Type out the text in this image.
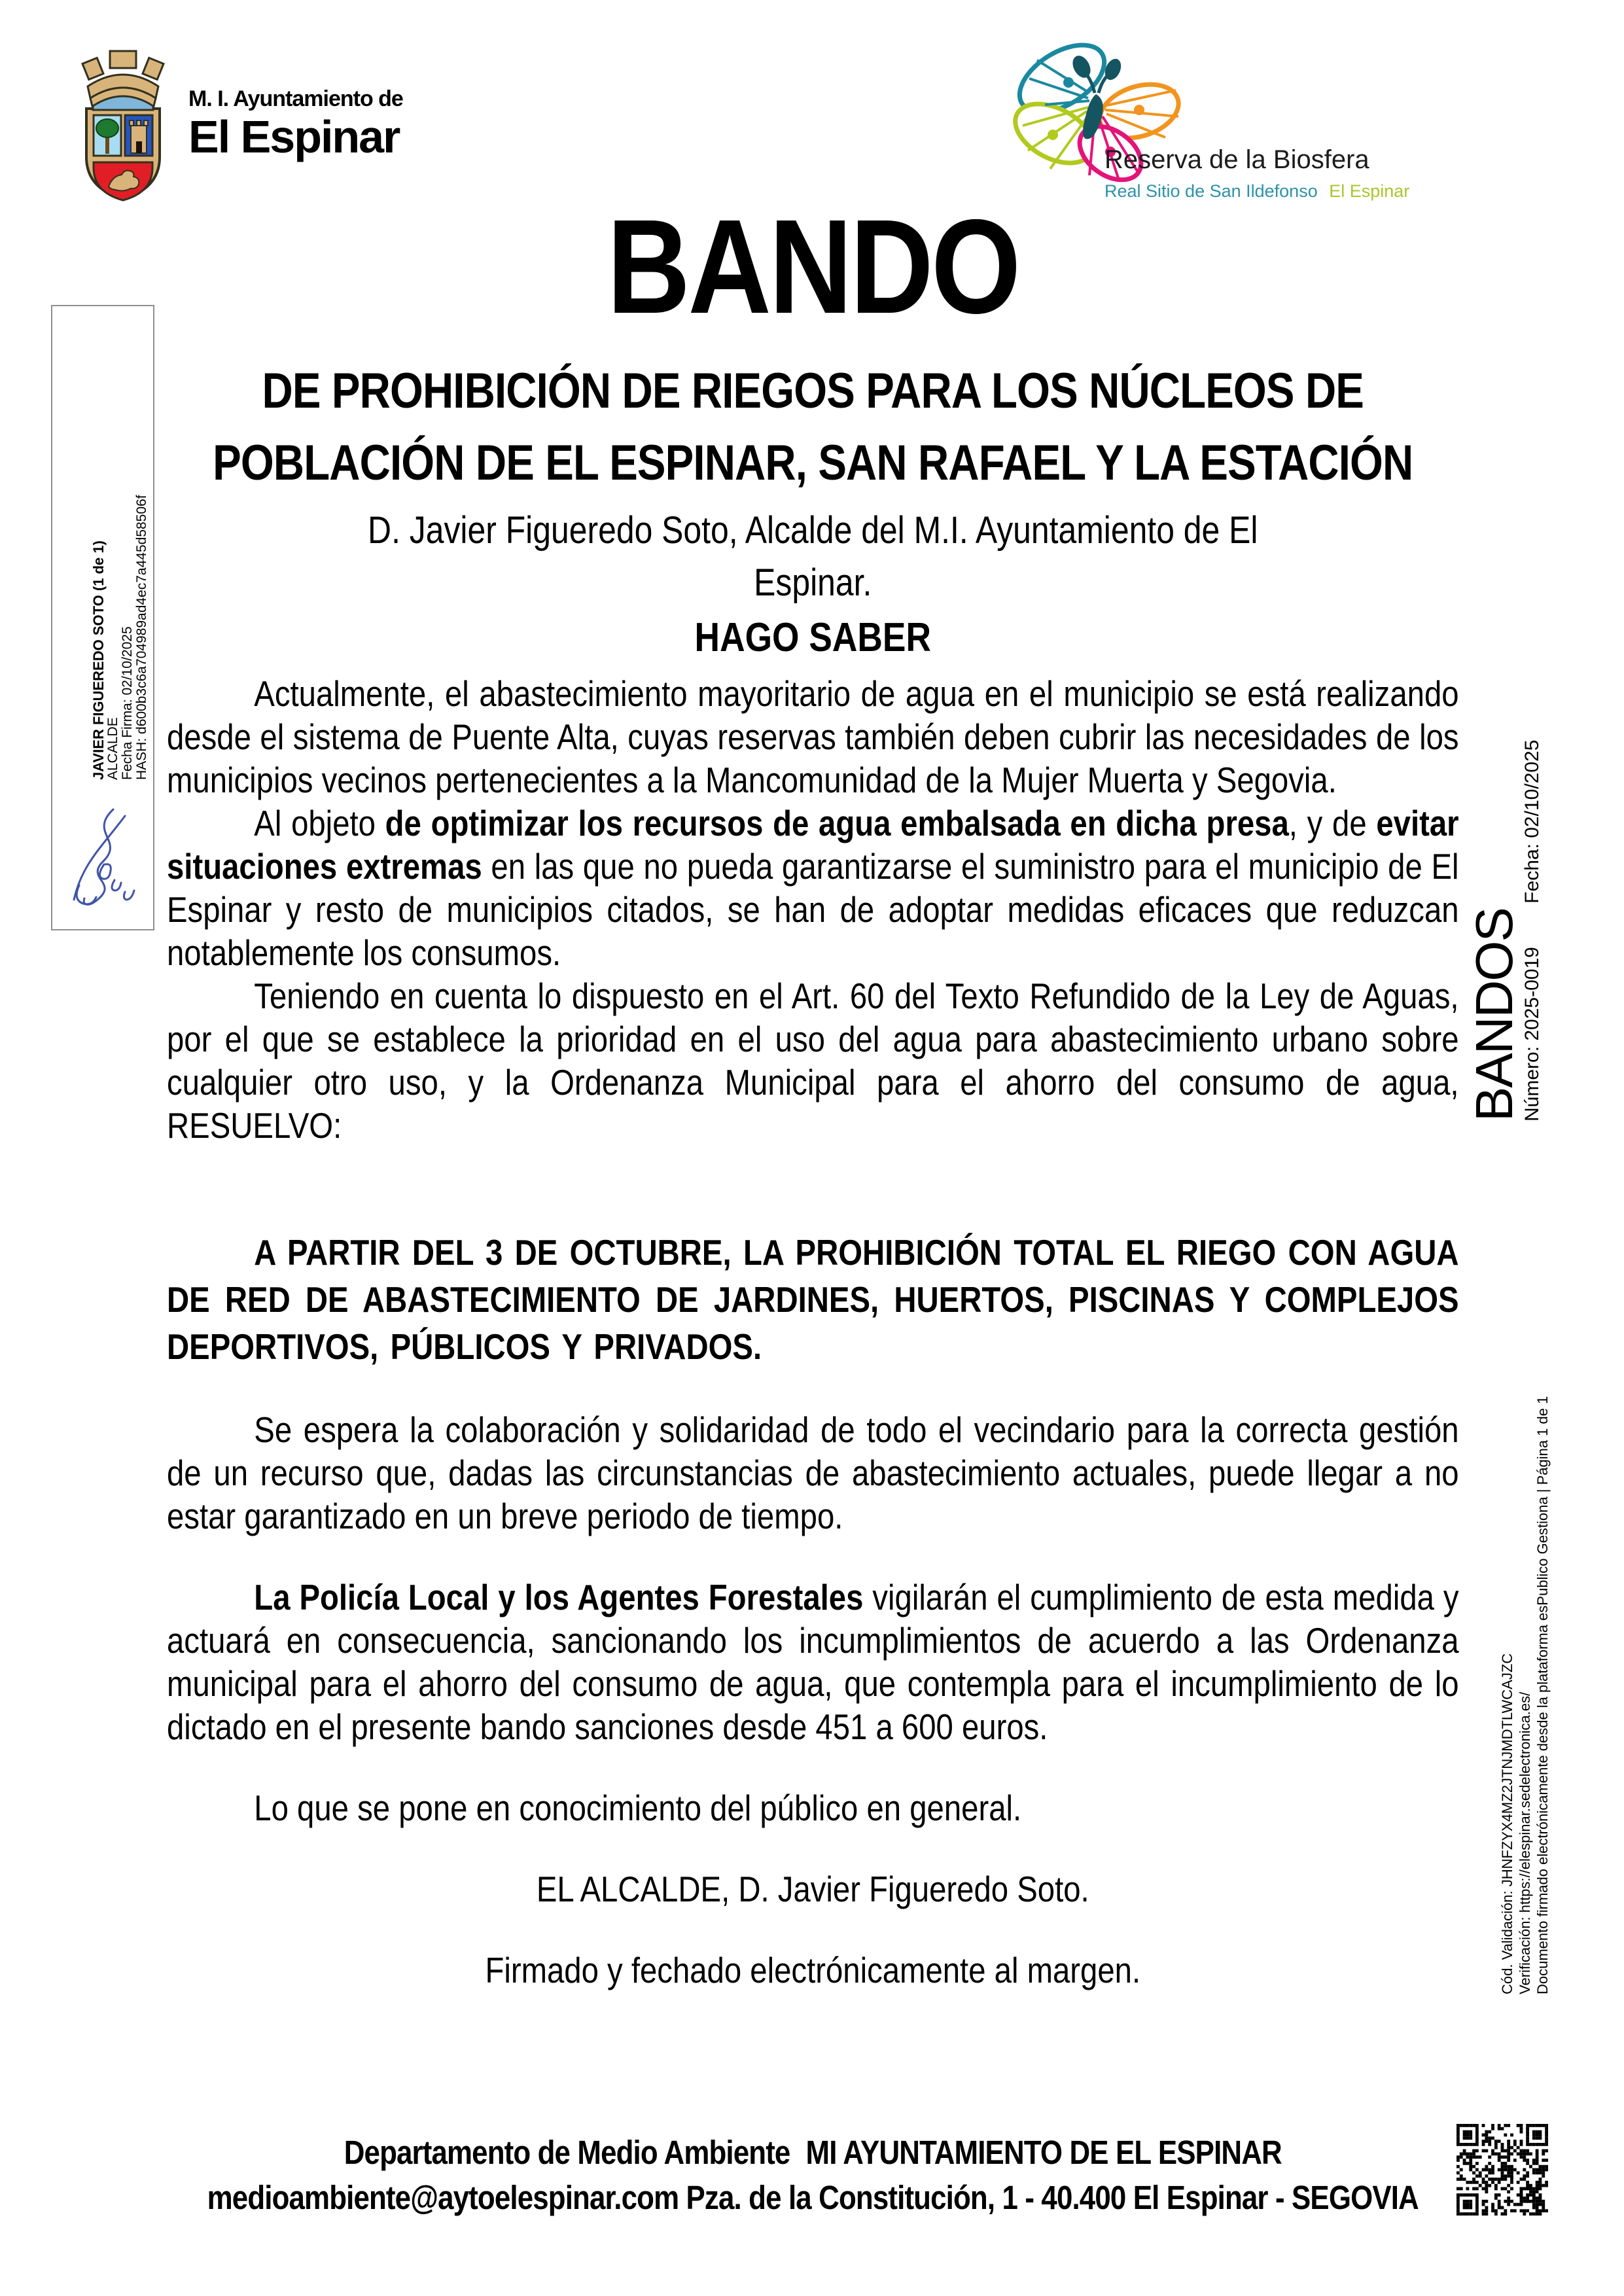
M. I. Ayuntamiento de
El Espinar	Reserva de la Biosfera
Real Sitio de San Ildefonso El Espinar
JAVIER FIGUEREDO SOTO (1 de 1)
ALCALDE Fecha Firma: 02/10/2025 HASH: d600b3c6a704989ad4ec7a445d58506f
BANDOS
Número: 2025-0019 Fecha: 02/10/2025
Cód. Validación: JHNFZYX4MZ2JTNJMDTLWCAJZC Verificación: https://elespinar.sedelectronica.es/ Documento firmado electrónicamente desde la plataforma esPublico Gestiona | Página 1 de 1
BANDO
DE PROHIBICIÓN DE RIEGOS PARA LOS NÚCLEOS DE POBLACIÓN DE EL ESPINAR, SAN RAFAEL Y LA ESTACIÓN
D. Javier Figueredo Soto, Alcalde del M.I. Ayuntamiento de El Espinar.
HAGO SABER

Actualmente, el abastecimiento mayoritario de agua en el municipio se está realizando desde el sistema de Puente Alta, cuyas reservas también deben cubrir las necesidades de los municipios vecinos pertenecientes a la Mancomunidad de la Mujer Muerta y Segovia.

Al objeto de optimizar los recursos de agua embalsada en dicha presa, y de evitar situaciones extremas en las que no pueda garantizarse el suministro para el municipio de El Espinar y resto de municipios citados, se han de adoptar medidas eficaces que reduzcan notablemente los consumos.

Teniendo en cuenta lo dispuesto en el Art. 60 del Texto Refundido de la Ley de Aguas, por el que se establece la prioridad en el uso del agua para abastecimiento urbano sobre cualquier otro uso, y la Ordenanza Municipal para el ahorro del consumo de agua, RESUELVO:

A PARTIR DEL 3 DE OCTUBRE, LA PROHIBICIÓN TOTAL EL RIEGO CON AGUA DE RED DE ABASTECIMIENTO DE JARDINES, HUERTOS, PISCINAS Y COMPLEJOS DEPORTIVOS, PÚBLICOS Y PRIVADOS.

Se espera la colaboración y solidaridad de todo el vecindario para la correcta gestión de un recurso que, dadas las circunstancias de abastecimiento actuales, puede llegar a no estar garantizado en un breve periodo de tiempo.

La Policía Local y los Agentes Forestales vigilarán el cumplimiento de esta medida y actuará en consecuencia, sancionando los incumplimientos de acuerdo a las Ordenanza municipal para el ahorro del consumo de agua, que contempla para el incumplimiento de lo dictado en el presente bando sanciones desde 451 a 600 euros.

Lo que se pone en conocimiento del público en general.

EL ALCALDE, D. Javier Figueredo Soto.

Firmado y fechado electrónicamente al margen.

Departamento de Medio Ambiente MI AYUNTAMIENTO DE EL ESPINAR
medioambiente@aytoelespinar.com Pza. de la Constitución, 1 - 40.400 El Espinar - SEGOVIA
